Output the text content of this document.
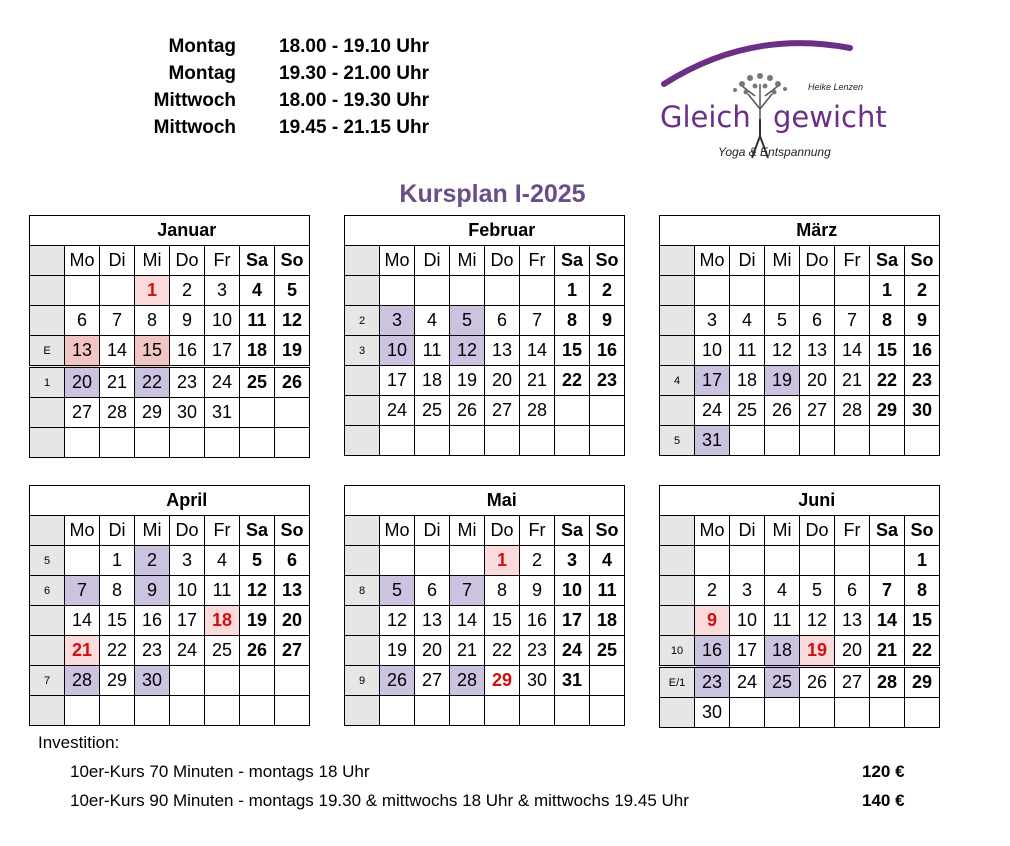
Montag 18.00 - 19.10 Uhr
Montag 19.30 - 21.00 Uhr
Mittwoch 18.00 - 19.30 Uhr
Mittwoch 19.45 - 21.15 Uhr	Gleich gewicht
Heike Lenzen
Yoga & Entspannung
Kursplan I-2025
	Januar						
	Mo	Di	Mi	Do	Fr	Sa	So
			1	2	3	4	5
	6	7	8	9	10	11	12
E	13	14	15	16	17	18	19
1	20	21	22	23	24	25	26
	27	28	29	30	31		

	Februar						
	Mo	Di	Mi	Do	Fr	Sa	So
						1	2
2	3	4	5	6	7	8	9
3	10	11	12	13	14	15	16
	17	18	19	20	21	22	23
	24	25	26	27	28		

	März						
	Mo	Di	Mi	Do	Fr	Sa	So
						1	2
	3	4	5	6	7	8	9
	10	11	12	13	14	15	16
4	17	18	19	20	21	22	23
	24	25	26	27	28	29	30
5	31						
	April						
	Mo	Di	Mi	Do	Fr	Sa	So
5		1	2	3	4	5	6
6	7	8	9	10	11	12	13
	14	15	16	17	18	19	20
	21	22	23	24	25	26	27
7	28	29	30				

	Mai						
	Mo	Di	Mi	Do	Fr	Sa	So
				1	2	3	4
8	5	6	7	8	9	10	11
	12	13	14	15	16	17	18
	19	20	21	22	23	24	25
9	26	27	28	29	30	31	

	Juni						
	Mo	Di	Mi	Do	Fr	Sa	So
							1
	2	3	4	5	6	7	8
	9	10	11	12	13	14	15
10	16	17	18	19	20	21	22
E/1	23	24	25	26	27	28	29
	30						
Investition:
10er-Kurs 70 Minuten - montags 18 Uhr	120 €
10er-Kurs 90 Minuten - montags 19.30 & mittwochs 18 Uhr & mittwochs 19.45 Uhr	140 €
